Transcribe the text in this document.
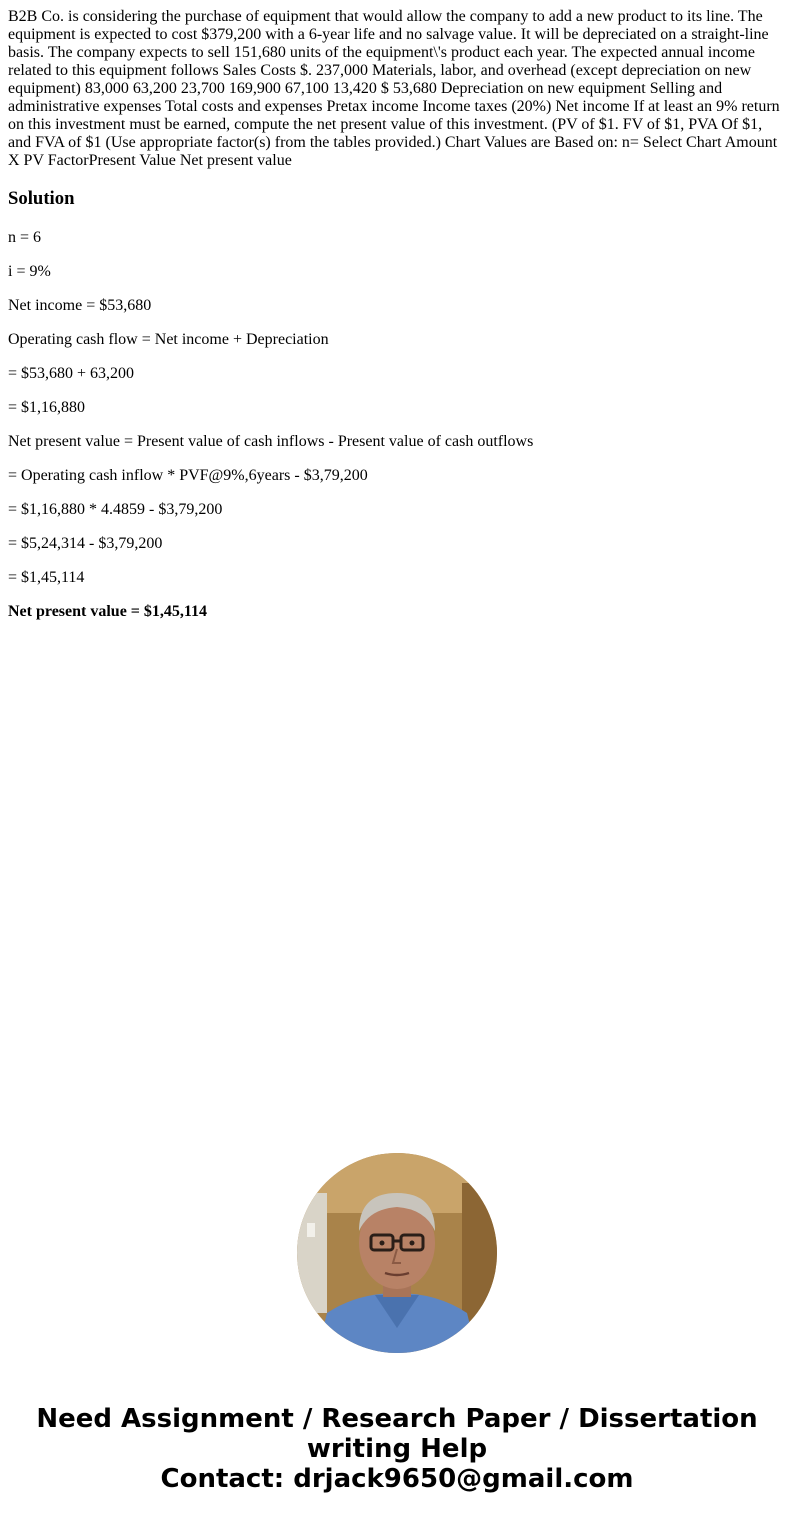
B2B Co. is considering the purchase of equipment that would allow the company to add a new product to its line. The equipment is expected to cost $379,200 with a 6-year life and no salvage value. It will be depreciated on a straight-line basis. The company expects to sell 151,680 units of the equipment\'s product each year. The expected annual income related to this equipment follows Sales Costs $. 237,000 Materials, labor, and overhead (except depreciation on new equipment) 83,000 63,200 23,700 169,900 67,100 13,420 $ 53,680 Depreciation on new equipment Selling and administrative expenses Total costs and expenses Pretax income Income taxes (20%) Net income If at least an 9% return on this investment must be earned, compute the net present value of this investment. (PV of $1. FV of $1, PVA Of $1, and FVA of $1 (Use appropriate factor(s) from the tables provided.) Chart Values are Based on: n= Select Chart Amount X PV FactorPresent Value Net present value

Solution
n = 6
i = 9%
Net income = $53,680
Operating cash flow = Net income + Depreciation
= $53,680 + 63,200
= $1,16,880
Net present value = Present value of cash inflows - Present value of cash outflows
= Operating cash inflow * PVF@9%,6years - $3,79,200
= $1,16,880 * 4.4859 - $3,79,200
= $5,24,314 - $3,79,200
= $1,45,114
Net present value = $1,45,114
Need Assignment / Research Paper / Dissertation
writing Help
Contact: drjack9650@gmail.com
